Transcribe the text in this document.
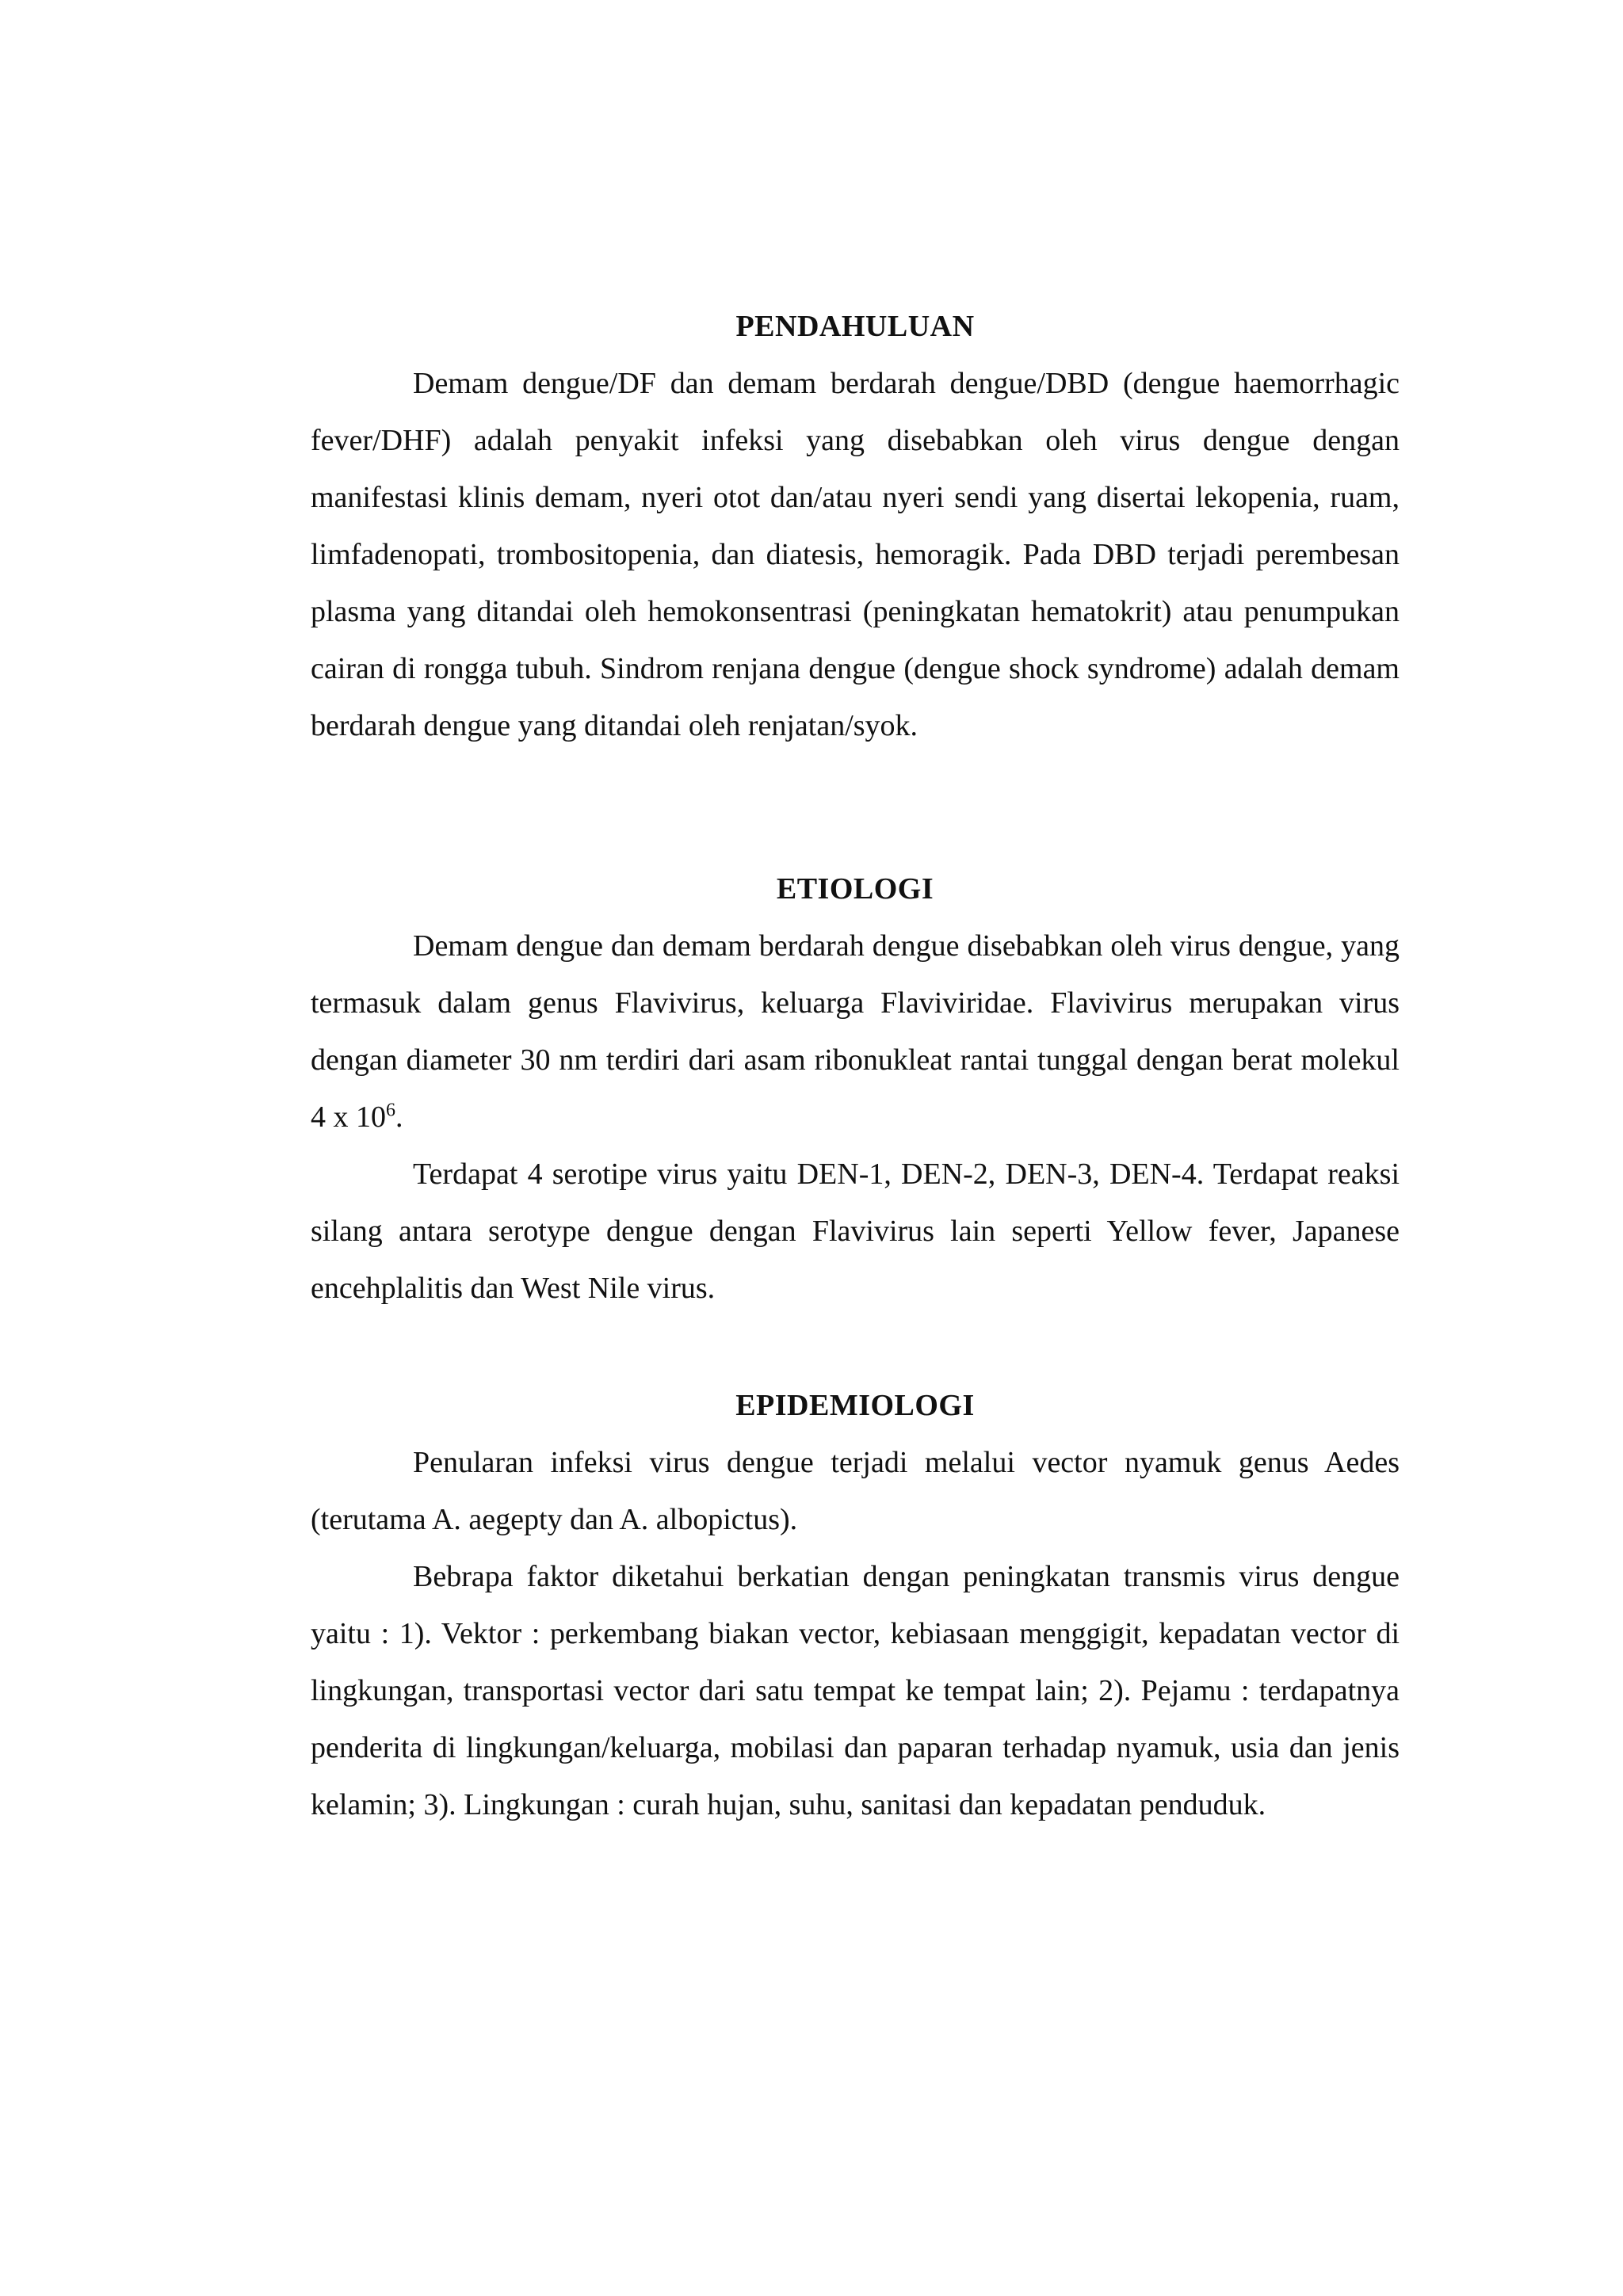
PENDAHULUAN

Demam dengue/DF dan demam berdarah dengue/DBD (dengue haemorrhagic fever/DHF) adalah penyakit infeksi yang disebabkan oleh virus dengue dengan manifestasi klinis demam, nyeri otot dan/atau nyeri sendi yang disertai lekopenia, ruam, limfadenopati, trombositopenia, dan diatesis, hemoragik. Pada DBD terjadi perembesan plasma yang ditandai oleh hemokonsentrasi (peningkatan hematokrit) atau penumpukan cairan di rongga tubuh. Sindrom renjana dengue (dengue shock syndrome) adalah demam berdarah dengue yang ditandai oleh renjatan/syok.

ETIOLOGI

Demam dengue dan demam berdarah dengue disebabkan oleh virus dengue, yang termasuk dalam genus Flavivirus, keluarga Flaviviridae. Flavivirus merupakan virus dengan diameter 30 nm terdiri dari asam ribonukleat rantai tunggal dengan berat molekul 4 x $10^6$.

Terdapat 4 serotipe virus yaitu DEN-1, DEN-2, DEN-3, DEN-4. Terdapat reaksi silang antara serotype dengue dengan Flavivirus lain seperti Yellow fever, Japanese encehplalitis dan West Nile virus.

EPIDEMIOLOGI

Penularan infeksi virus dengue terjadi melalui vector nyamuk genus Aedes (terutama A. aegepty dan A. albopictus).

Bebrapa faktor diketahui berkatian dengan peningkatan transmis virus dengue yaitu : 1). Vektor : perkembang biakan vector, kebiasaan menggigit, kepadatan vector di lingkungan, transportasi vector dari satu tempat ke tempat lain; 2). Pejamu : terdapatnya penderita di lingkungan/keluarga, mobilasi dan paparan terhadap nyamuk, usia dan jenis kelamin; 3). Lingkungan : curah hujan, suhu, sanitasi dan kepadatan penduduk.
